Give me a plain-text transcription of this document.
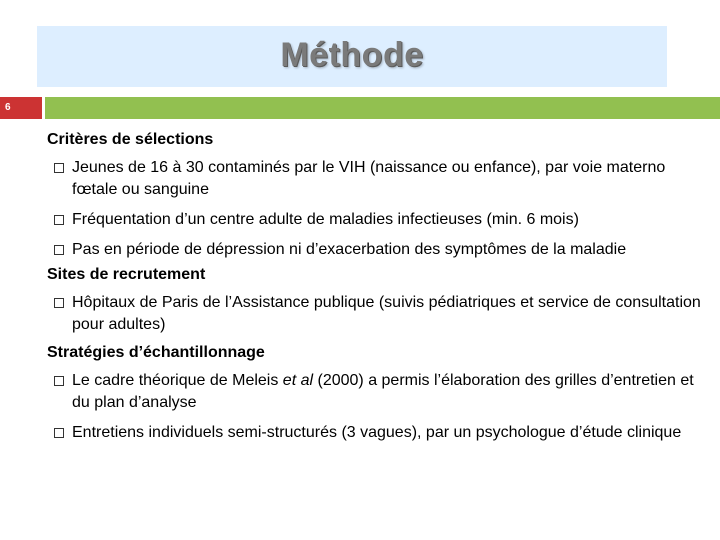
Méthode
6
Critères de sélections
Jeunes de 16 à 30 contaminés par le VIH (naissance ou enfance), par voie materno fœtale ou sanguine
Fréquentation d’un centre adulte de maladies infectieuses (min. 6 mois)
Pas en période de dépression ni d’exacerbation des symptômes de la maladie
Sites de recrutement
Hôpitaux de Paris de l’Assistance publique (suivis pédiatriques et service de consultation pour adultes)
Stratégies d’échantillonnage
Le cadre théorique de Meleis et al (2000) a permis l’élaboration des grilles d’entretien et du plan d’analyse
Entretiens individuels semi-structurés (3 vagues), par un psychologue d’étude clinique
